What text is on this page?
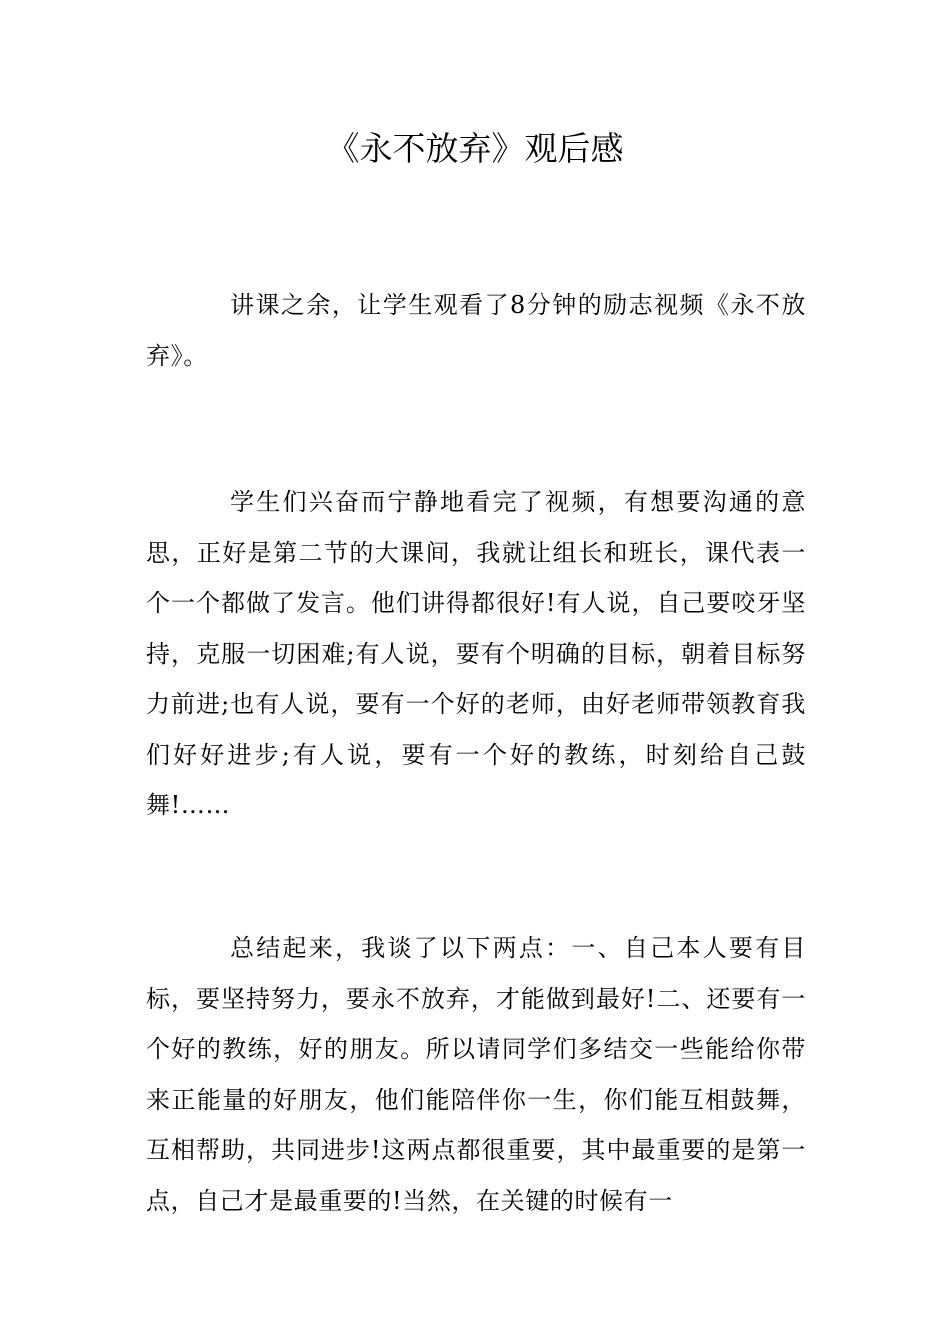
《永不放弃》观后感

讲课之余，让学生观看了8分钟的励志视频《永不放弃》。

学生们兴奋而宁静地看完了视频，有想要沟通的意思，正好是第二节的大课间，我就让组长和班长，课代表一个一个都做了发言。他们讲得都很好!有人说，自己要咬牙坚持，克服一切困难;有人说，要有个明确的目标，朝着目标努力前进;也有人说，要有一个好的老师，由好老师带领教育我们好好进步;有人说，要有一个好的教练，时刻给自己鼓舞!……

总结起来，我谈了以下两点：一、自己本人要有目标，要坚持努力，要永不放弃，才能做到最好!二、还要有一个好的教练，好的朋友。所以请同学们多结交一些能给你带来正能量的好朋友，他们能陪伴你一生，你们能互相鼓舞，互相帮助，共同进步!这两点都很重要，其中最重要的是第一点，自己才是最重要的!当然，在关键的时候有一
